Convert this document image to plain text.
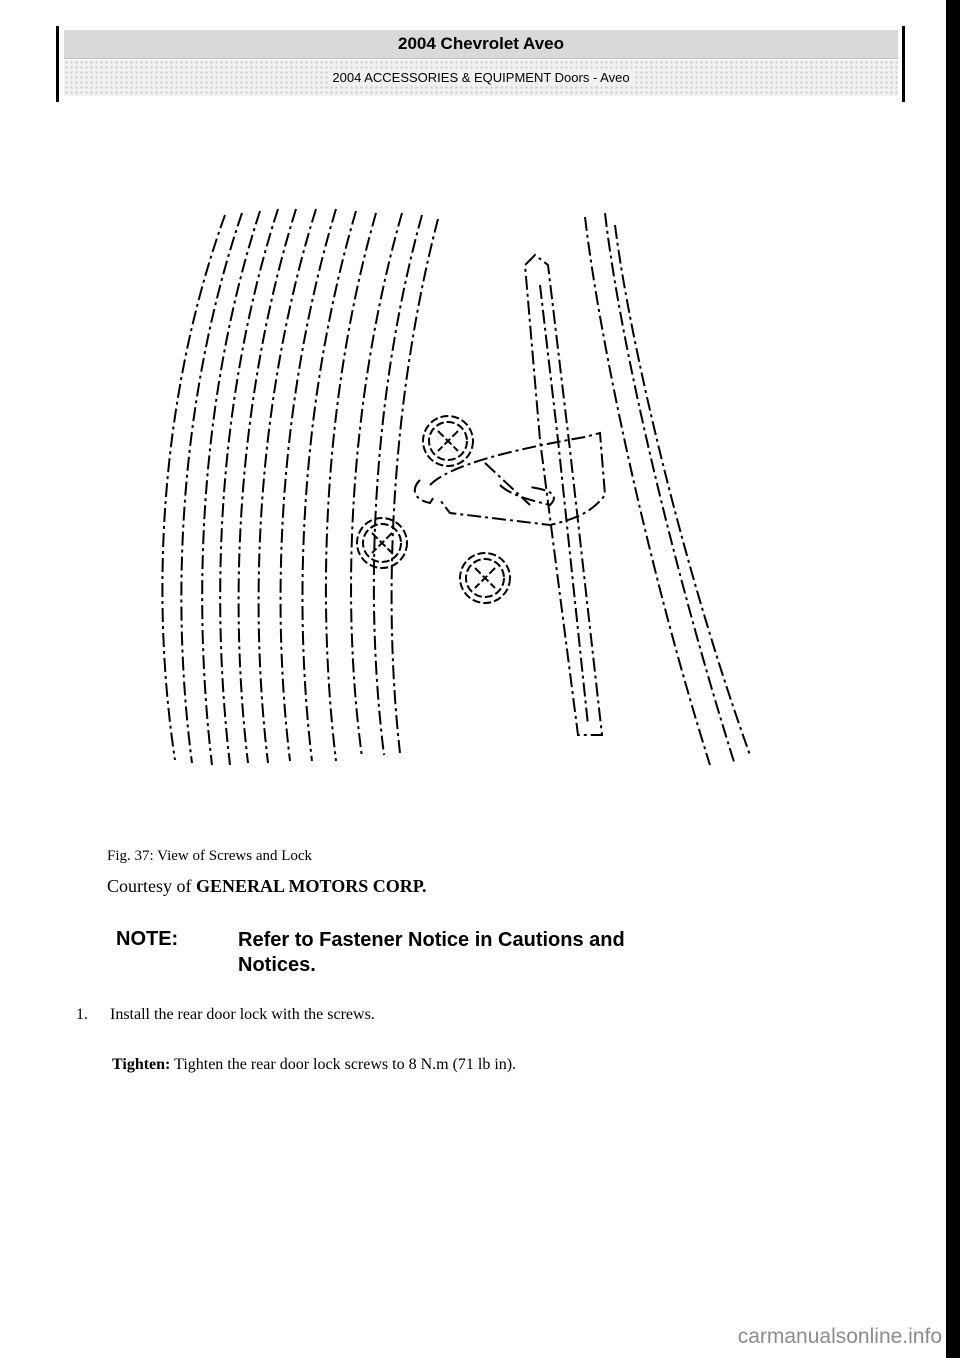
2004 Chevrolet Aveo
2004 ACCESSORIES & EQUIPMENT Doors - Aveo
Fig. 37: View of Screws and Lock
Courtesy of GENERAL MOTORS CORP.
NOTE:	Refer to Fastener Notice in Cautions and Notices.
1. Install the rear door lock with the screws.
Tighten: Tighten the rear door lock screws to 8 N.m (71 lb in).
carmanualsonline.info
